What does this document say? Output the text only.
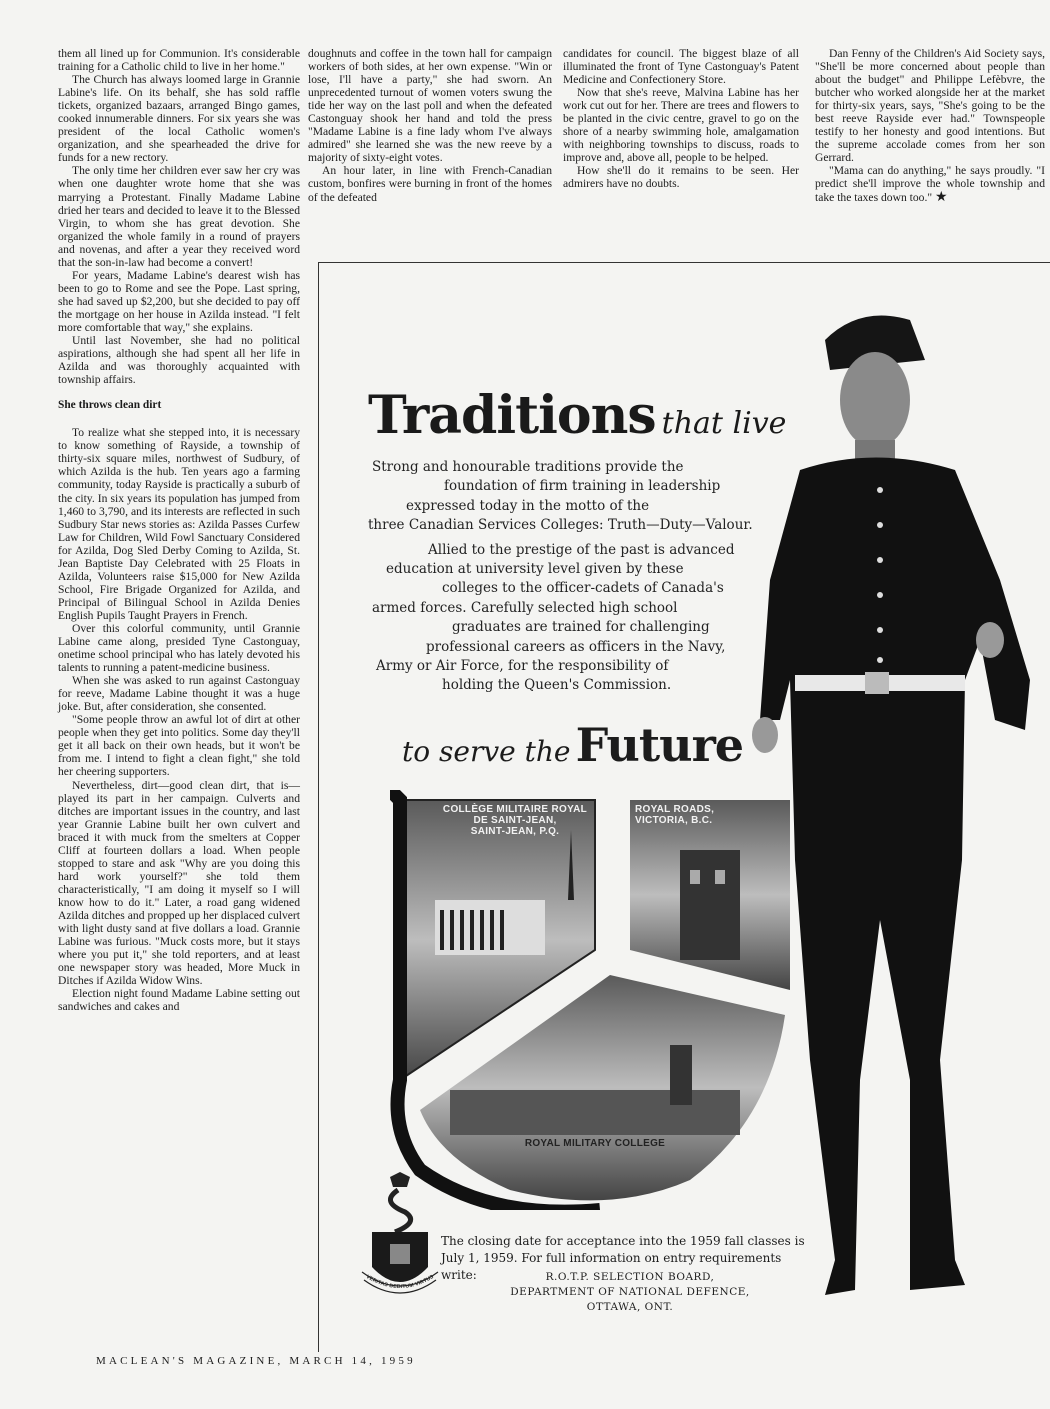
them all lined up for Communion. It's considerable training for a Catholic child to live in her home."

The Church has always loomed large in Grannie Labine's life. On its behalf, she has sold raffle tickets, organized bazaars, arranged Bingo games, cooked innumerable dinners. For six years she was president of the local Catholic women's organization, and she spearheaded the drive for funds for a new rectory.

The only time her children ever saw her cry was when one daughter wrote home that she was marrying a Protestant. Finally Madame Labine dried her tears and decided to leave it to the Blessed Virgin, to whom she has great devotion. She organized the whole family in a round of prayers and novenas, and after a year they received word that the son-in-law had become a convert!

For years, Madame Labine's dearest wish has been to go to Rome and see the Pope. Last spring, she had saved up $2,200, but she decided to pay off the mortgage on her house in Azilda instead. "I felt more comfortable that way," she explains.

Until last November, she had no political aspirations, although she had spent all her life in Azilda and was thoroughly acquainted with township affairs.

She throws clean dirt

To realize what she stepped into, it is necessary to know something of Rayside, a township of thirty-six square miles, northwest of Sudbury, of which Azilda is the hub. Ten years ago a farming community, today Rayside is practically a suburb of the city. In six years its population has jumped from 1,460 to 3,790, and its interests are reflected in such Sudbury Star news stories as: Azilda Passes Curfew Law for Children, Wild Fowl Sanctuary Considered for Azilda, Dog Sled Derby Coming to Azilda, St. Jean Baptiste Day Celebrated with 25 Floats in Azilda, Volunteers raise $15,000 for New Azilda School, Fire Brigade Organized for Azilda, and Principal of Bilingual School in Azilda Denies English Pupils Taught Prayers in French.

Over this colorful community, until Grannie Labine came along, presided Tyne Castonguay, onetime school principal who has lately devoted his talents to running a patent-medicine business.

When she was asked to run against Castonguay for reeve, Madame Labine thought it was a huge joke. But, after consideration, she consented.

"Some people throw an awful lot of dirt at other people when they get into politics. Some day they'll get it all back on their own heads, but it won't be from me. I intend to fight a clean fight," she told her cheering supporters.

Nevertheless, dirt—good clean dirt, that is—played its part in her campaign. Culverts and ditches are important issues in the country, and last year Grannie Labine built her own culvert and braced it with muck from the smelters at Copper Cliff at fourteen dollars a load. When people stopped to stare and ask "Why are you doing this hard work yourself?" she told them characteristically, "I am doing it myself so I will know how to do it." Later, a road gang widened Azilda ditches and propped up her displaced culvert with light dusty sand at five dollars a load. Grannie Labine was furious. "Muck costs more, but it stays where you put it," she told reporters, and at least one newspaper story was headed, More Muck in Ditches if Azilda Widow Wins.

Election night found Madame Labine setting out sandwiches and cakes and

doughnuts and coffee in the town hall for campaign workers of both sides, at her own expense. "Win or lose, I'll have a party," she had sworn. An unprecedented turnout of women voters swung the tide her way on the last poll and when the defeated Castonguay shook her hand and told the press "Madame Labine is a fine lady whom I've always admired" she learned she was the new reeve by a majority of sixty-eight votes.

An hour later, in line with French-Canadian custom, bonfires were burning in front of the homes of the defeated

candidates for council. The biggest blaze of all illuminated the front of Tyne Castonguay's Patent Medicine and Confectionery Store.

Now that she's reeve, Malvina Labine has her work cut out for her. There are trees and flowers to be planted in the civic centre, gravel to go on the shore of a nearby swimming hole, amalgamation with neighboring townships to discuss, roads to improve and, above all, people to be helped.

How she'll do it remains to be seen. Her admirers have no doubts.

Dan Fenny of the Children's Aid Society says, "She'll be more concerned about people than about the budget" and Philippe Lefèbvre, the butcher who worked alongside her at the market for thirty-six years, says, "She's going to be the best reeve Rayside ever had." Townspeople testify to her honesty and good intentions. But the supreme accolade comes from her son Gerrard.

"Mama can do anything," he says proudly. "I predict she'll improve the whole township and take the taxes down too." ★

Traditions that live
Strong and honourable traditions provide the
foundation of firm training in leadership
expressed today in the motto of the
three Canadian Services Colleges: Truth—Duty—Valour.
Allied to the prestige of the past is advanced
education at university level given by these
colleges to the officer-cadets of Canada's
armed forces. Carefully selected high school
graduates are trained for challenging
professional careers as officers in the Navy,
Army or Air Force, for the responsibility of
holding the Queen's Commission.
to serve the Future
COLLÈGE MILITAIRE ROYAL
DE SAINT-JEAN,
SAINT-JEAN, P.Q.
ROYAL ROADS,
VICTORIA, B.C.
ROYAL MILITARY COLLEGE
VERITAS DEBITUM VIRTUS
The closing date for acceptance into the 1959 fall classes is July 1, 1959. For full information on entry requirements write:	R.O.T.P. SELECTION BOARD,
DEPARTMENT OF NATIONAL DEFENCE,
OTTAWA, ONT.
MACLEAN'S MAGAZINE, MARCH 14, 1959
